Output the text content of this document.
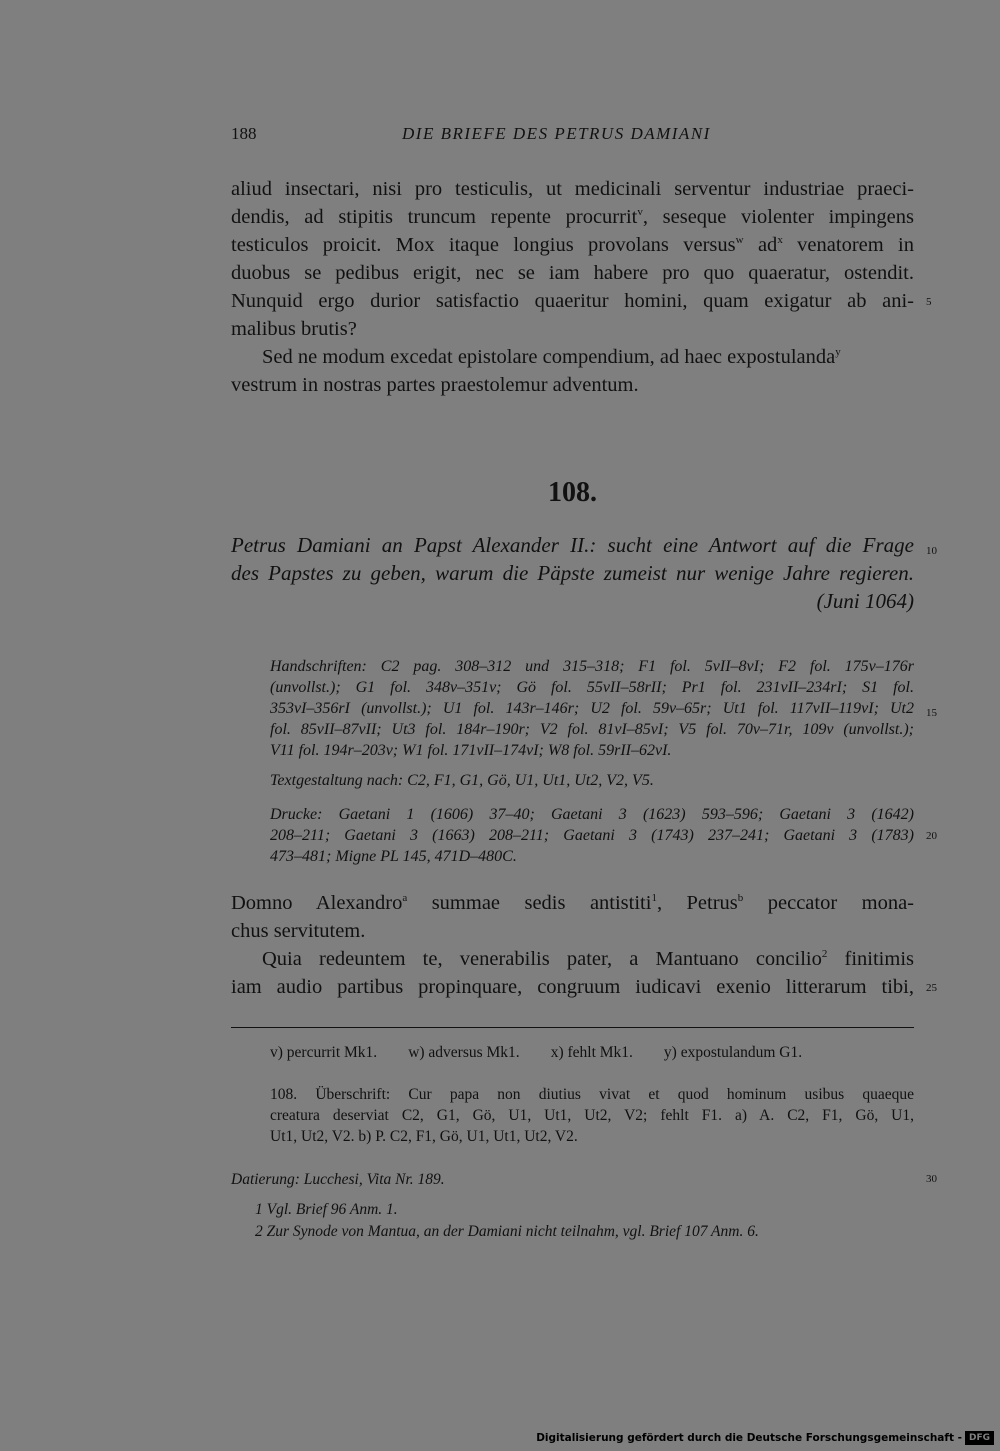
188	DIE BRIEFE DES PETRUS DAMIANI
aliud insectari, nisi pro testiculis, ut medicinali serventur industriae praeci-
dendis, ad stipitis truncum repente procurrit$^v$, seseque violenter impingens
testiculos proicit. Mox itaque longius provolans versus$^w$ $ad^x$ venatorem in
duobus se pedibus erigit, nec se iam habere pro quo quaeratur, ostendit.
Nunquid ergo durior satisfactio quaeritur homini, quam exigatur ab ani-
malibus brutis?
Sed ne modum excedat epistolare compendium, ad haec expostulanda$^y$
vestrum in nostras partes praestolemur adventum.
5
108.
Petrus Damiani an Papst Alexander II.: sucht eine Antwort auf die Frage
des Papstes zu geben, warum die Päpste zumeist nur wenige Jahre regieren.
(Juni 1064)
10
Handschriften: C2 pag. 308–312 und 315–318; F1 fol. 5vII–8vI; F2 fol. 175v–176r
(unvollst.); G1 fol. 348v–351v; Gö fol. 55vII–58rII; Pr1 fol. 231vII–234rI; S1 fol.
353vI–356rI (unvollst.); U1 fol. 143r–146r; U2 fol. 59v–65r; Ut1 fol. 117vII–119vI; Ut2
fol. 85vII–87vII; Ut3 fol. 184r–190r; V2 fol. 81vI–85vI; V5 fol. 70v–71r, 109v (unvollst.);
V11 fol. 194r–203v; W1 fol. 171vII–174vI; W8 fol. 59rII–62vI.
15
Textgestaltung nach: C2, F1, G1, Gö, U1, Ut1, Ut2, V2, V5.
Drucke: Gaetani 1 (1606) 37–40; Gaetani 3 (1623) 593–596; Gaetani 3 (1642)
208–211; Gaetani 3 (1663) 208–211; Gaetani 3 (1743) 237–241; Gaetani 3 (1783)
473–481; Migne PL 145, 471D–480C.
20
Domno Alexandro$^a$ summae sedis antistiti$^1$, Petrus$^b$ peccator mona-
chus servitutem.
Quia redeuntem te, venerabilis pater, a Mantuano concilio$^2$ finitimis
iam audio partibus propinquare, congruum iudicavi exenio litterarum tibi, 25
v) percurrit Mk1. w) adversus Mk1. x) fehlt Mk1. y) expostulandum G1.
108. Überschrift: Cur papa non diutius vivat et quod hominum usibus quaeque
creatura deserviat C2, G1, Gö, U1, Ut1, Ut2, V2; fehlt F1. a) A. C2, F1, Gö, U1,
Ut1, Ut2, V2. b) P. C2, F1, Gö, U1, Ut1, Ut2, V2.
Datierung: Lucchesi, Vita Nr. 189.	30
1 Vgl. Brief 96 Anm. 1.
2 Zur Synode von Mantua, an der Damiani nicht teilnahm, vgl. Brief 107 Anm. 6.
Digitalisierung gefördert durch die Deutsche Forschungsgemeinschaft - DFG
